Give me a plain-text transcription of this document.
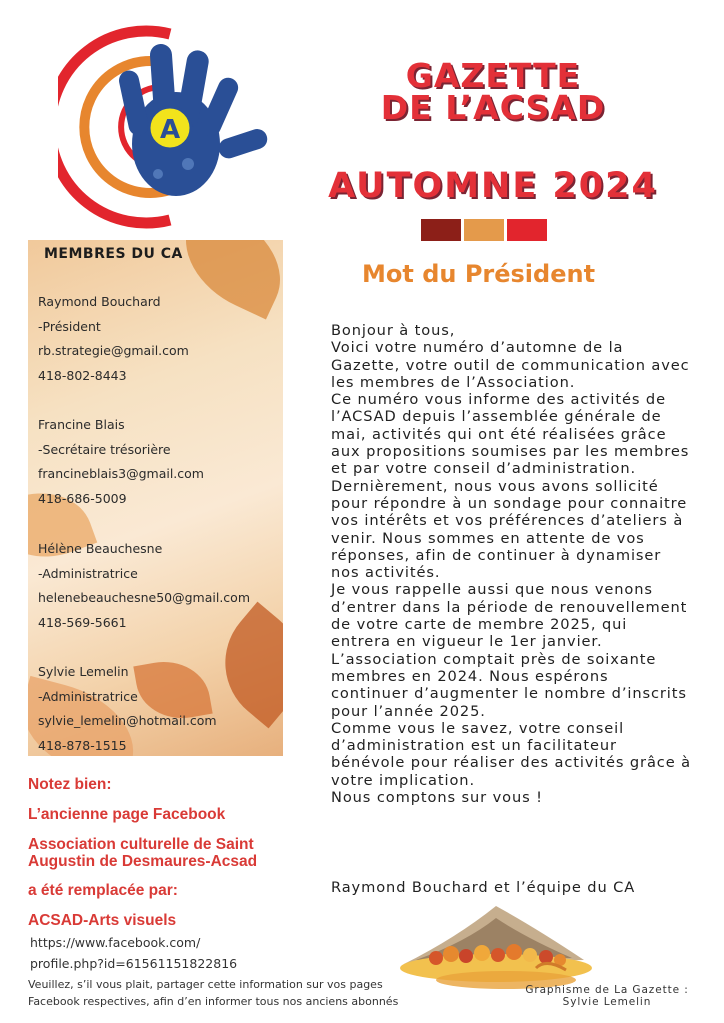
A
GAZETTE
DE L’ACSAD
AUTOMNE 2024
Mot du Président
MEMBRES DU CA
Raymond Bouchard
-Président
rb.strategie@gmail.com
418-802-8443
Francine Blais
-Secrétaire trésorière
francineblais3@gmail.com
418-686-5009
Hélène Beauchesne
-Administratrice
helenebeauchesne50@gmail.com
418-569-5661
Sylvie Lemelin
-Administratrice
sylvie_lemelin@hotmail.com
418-878-1515

Notez bien:

L’ancienne page Facebook

Association culturelle de Saint Augustin de Desmaures-Acsad

a été remplacée par:

ACSAD-Arts visuels

https://www.facebook.com/
profile.php?id=61561151822816
Veuillez, s’il vous plait, partager cette information sur vos pages
Facebook respectives, afin d’en informer tous nos anciens abonnés

Bonjour à tous,

Voici votre numéro d’automne de la Gazette, votre outil de communication avec les membres de l’Association.

Ce numéro vous informe des activités de l’ACSAD depuis l’assemblée générale de mai, activités qui ont été réalisées grâce aux propositions soumises par les membres et par votre conseil d’administration.

Dernièrement, nous vous avons sollicité pour répondre à un sondage pour connaitre vos intérêts et vos préférences d’ateliers à venir. Nous sommes en attente de vos réponses, afin de continuer à dynamiser nos activités.

Je vous rappelle aussi que nous venons d’entrer dans la période de renouvellement de votre carte de membre 2025, qui entrera en vigueur le 1er janvier.

L’association comptait près de soixante membres en 2024. Nous espérons continuer d’augmenter le nombre d’inscrits pour l’année 2025.

Comme vous le savez, votre conseil d’administration est un facilitateur bénévole pour réaliser des activités grâce à votre implication.

Nous comptons sur vous !

Raymond Bouchard et l’équipe du CA
Graphisme de La Gazette :
Sylvie Lemelin
